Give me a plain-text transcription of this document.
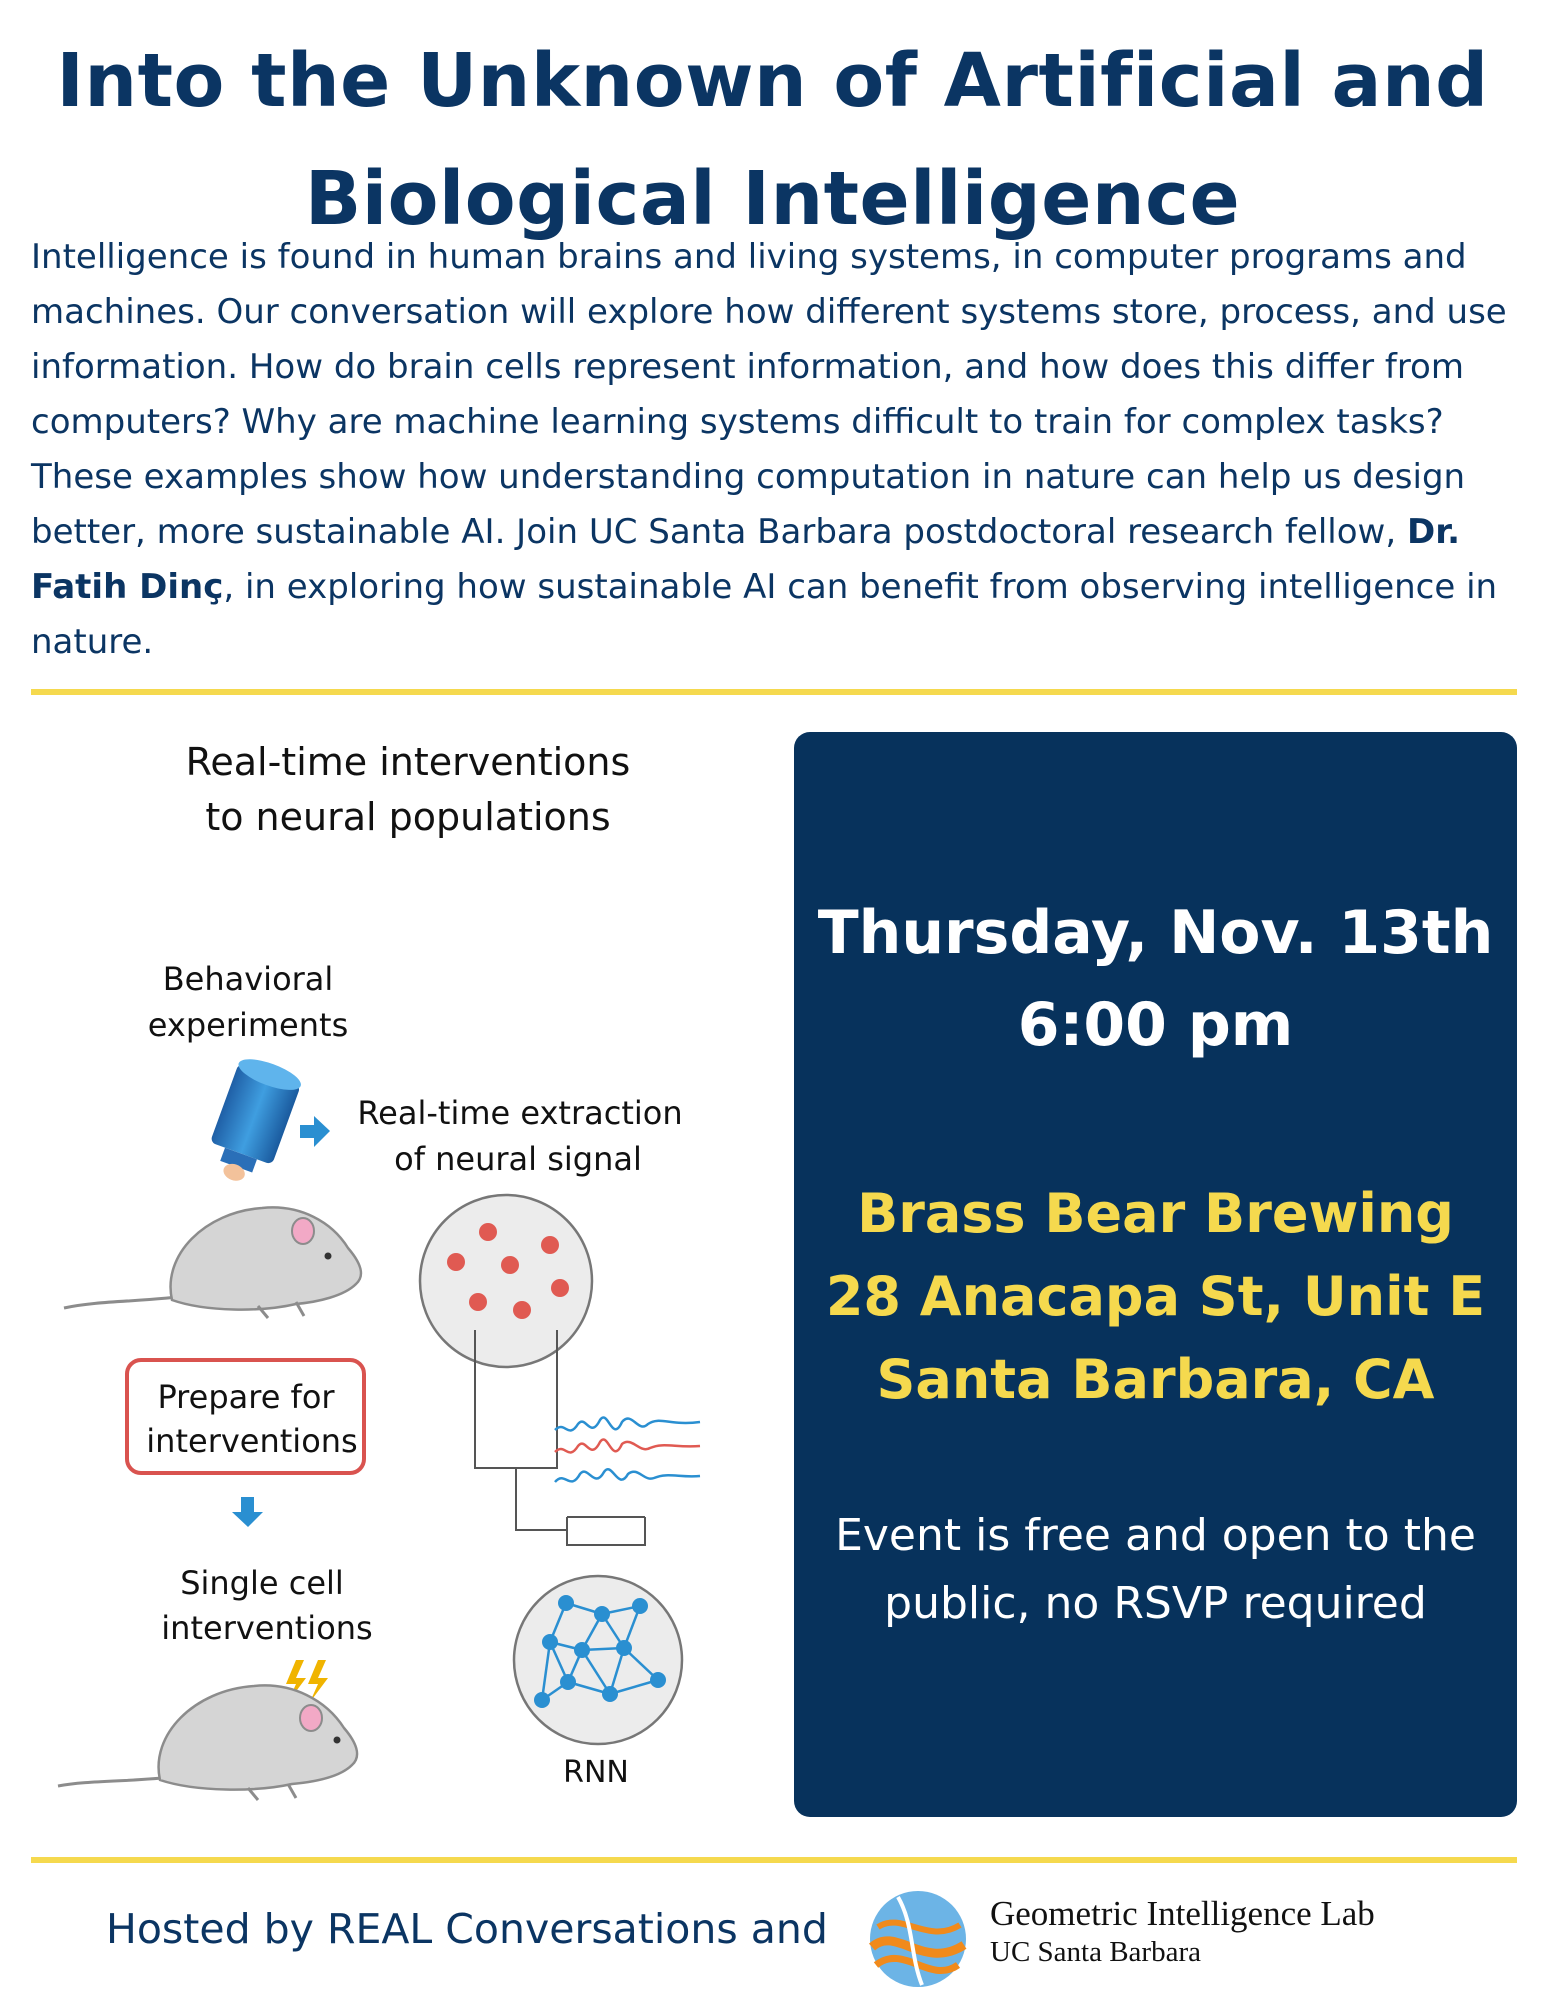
Into the Unknown of Artificial and
Biological Intelligence
Intelligence is found in human brains and living systems, in computer programs and machines. Our conversation will explore how different systems store, process, and use information. How do brain cells represent information, and how does this differ from computers? Why are machine learning systems difficult to train for complex tasks? These examples show how understanding computation in nature can help us design better, more sustainable AI. Join UC Santa Barbara postdoctoral research fellow, Dr. Fatih Dinç, in exploring how sustainable AI can benefit from observing intelligence in nature.
Real-time interventions
to neural populations
Behavioral
experiments
Prepare for
interventions
Single cell
interventions
Real-time extraction
of neural signal
RNN
Thursday, Nov. 13th
6:00 pm
Brass Bear Brewing
28 Anacapa St, Unit E
Santa Barbara, CA
Event is free and open to the
public, no RSVP required
Hosted by REAL Conversations and	Geometric Intelligence Lab
UC Santa Barbara
